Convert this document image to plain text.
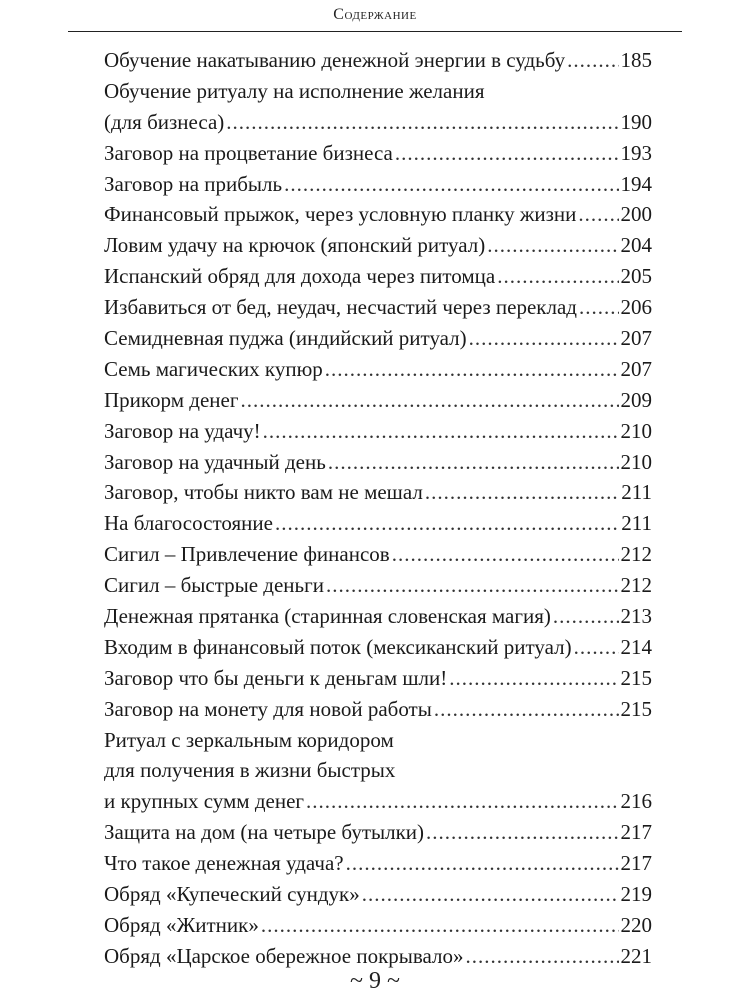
Содержание
Обучение накатыванию денежной энергии в судьбу .....	185
Обучение ритуалу на исполнение желания
(для бизнеса) .....	190
Заговор на процветание бизнеса .....	193
Заговор на прибыль .....	194
Финансовый прыжок, через условную планку жизни ..... 200
Ловим удачу на крючок (японский ритуал) .....	204
Испанский обряд для дохода через питомца .....	205
Избавиться от бед, неудач, несчастий через переклад ..... 206
Семидневная пуджа (индийский ритуал) .....	207
Семь магических купюр .....	207
Прикорм денег .....	209
Заговор на удачу! .....	210
Заговор на удачный день .....	210
Заговор, чтобы никто вам не мешал .....	211
На благосостояние .....	211
Сигил – Привлечение финансов .....	212
Сигил – быстрые деньги .....	212
Денежная прятанка (старинная словенская магия) .....	213
Входим в финансовый поток (мексиканский ритуал) ..... 214
Заговор что бы деньги к деньгам шли! .....	215
Заговор на монету для новой работы .....	215
Ритуал с зеркальным коридором
для получения в жизни быстрых
и крупных сумм денег .....	216
Защита на дом (на четыре бутылки) .....	217
Что такое денежная удача? .....	217
Обряд «Купеческий сундук» .....	219
Обряд «Житник» .....	220
Обряд «Царское обережное покрывало» .....	221
~ 9 ~
